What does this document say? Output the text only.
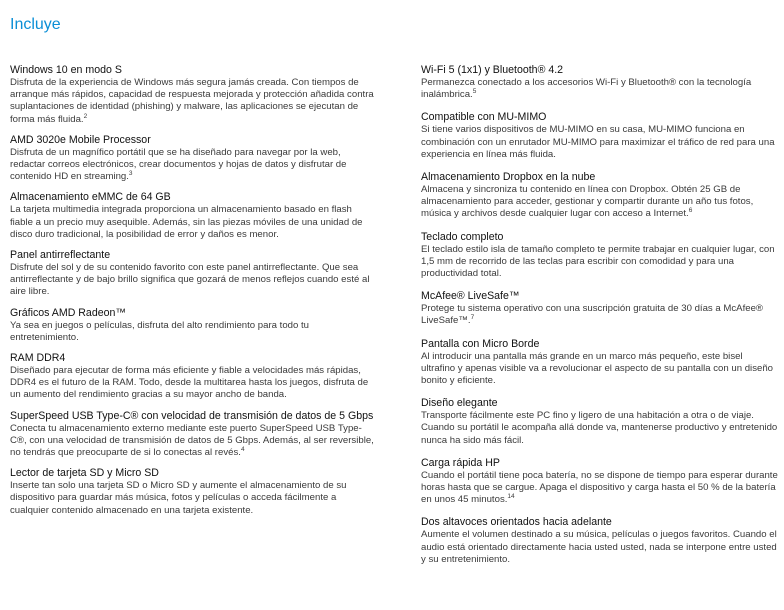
Incluye

Windows 10 en modo S

Disfruta de la experiencia de Windows más segura jamás creada. Con tiempos de arranque más rápidos, capacidad de respuesta mejorada y protección añadida contra suplantaciones de identidad (phishing) y malware, las aplicaciones se ejecutan de forma más fluida.$^2$

AMD 3020e Mobile Processor

Disfruta de un magnífico portátil que se ha diseñado para navegar por la web, redactar correos electrónicos, crear documentos y hojas de datos y disfrutar de contenido HD en streaming.$^3$

Almacenamiento eMMC de 64 GB

La tarjeta multimedia integrada proporciona un almacenamiento basado en flash fiable a un precio muy asequible. Además, sin las piezas móviles de una unidad de disco duro tradicional, la posibilidad de error y daños es menor.

Panel antirreflectante

Disfrute del sol y de su contenido favorito con este panel antirreflectante. Que sea antirreflectante y de bajo brillo significa que gozará de menos reflejos cuando esté al aire libre.

Gráficos AMD Radeon™

Ya sea en juegos o películas, disfruta del alto rendimiento para todo tu entretenimiento.

RAM DDR4

Diseñado para ejecutar de forma más eficiente y fiable a velocidades más rápidas, DDR4 es el futuro de la RAM. Todo, desde la multitarea hasta los juegos, disfruta de un aumento del rendimiento gracias a su mayor ancho de banda.

SuperSpeed USB Type-C® con velocidad de transmisión de datos de 5 Gbps

Conecta tu almacenamiento externo mediante este puerto SuperSpeed USB Type-C®, con una velocidad de transmisión de datos de 5 Gbps. Además, al ser reversible, no tendrás que preocuparte de si lo conectas al revés.$^4$

Lector de tarjeta SD y Micro SD

Inserte tan solo una tarjeta SD o Micro SD y aumente el almacenamiento de su dispositivo para guardar más música, fotos y películas o acceda fácilmente a cualquier contenido almacenado en una tarjeta existente.

Wi-Fi 5 (1x1) y Bluetooth® 4.2

Permanezca conectado a los accesorios Wi-Fi y Bluetooth® con la tecnología inalámbrica.$^5$

Compatible con MU-MIMO

Si tiene varios dispositivos de MU-MIMO en su casa, MU-MIMO funciona en combinación con un enrutador MU-MIMO para maximizar el tráfico de red para una experiencia en línea más fluida.

Almacenamiento Dropbox en la nube

Almacena y sincroniza tu contenido en línea con Dropbox. Obtén 25 GB de almacenamiento para acceder, gestionar y compartir durante un año tus fotos, música y archivos desde cualquier lugar con acceso a Internet.$^6$

Teclado completo

El teclado estilo isla de tamaño completo te permite trabajar en cualquier lugar, con 1,5 mm de recorrido de las teclas para escribir con comodidad y para una productividad total.

McAfee® LiveSafe™

Protege tu sistema operativo con una suscripción gratuita de 30 días a McAfee® LiveSafe™.$^7$

Pantalla con Micro Borde

Al introducir una pantalla más grande en un marco más pequeño, este bisel ultrafino y apenas visible va a revolucionar el aspecto de su pantalla con un diseño bonito y eficiente.

Diseño elegante

Transporte fácilmente este PC fino y ligero de una habitación a otra o de viaje. Cuando su portátil le acompaña allá donde va, mantenerse productivo y entretenido nunca ha sido más fácil.

Carga rápida HP

Cuando el portátil tiene poca batería, no se dispone de tiempo para esperar durante horas hasta que se cargue. Apaga el dispositivo y carga hasta el 50 % de la batería en unos 45 minutos.$^{14}$

Dos altavoces orientados hacia adelante

Aumente el volumen destinado a su música, películas o juegos favoritos. Cuando el audio está orientado directamente hacia usted usted, nada se interpone entre usted y su entretenimiento.
